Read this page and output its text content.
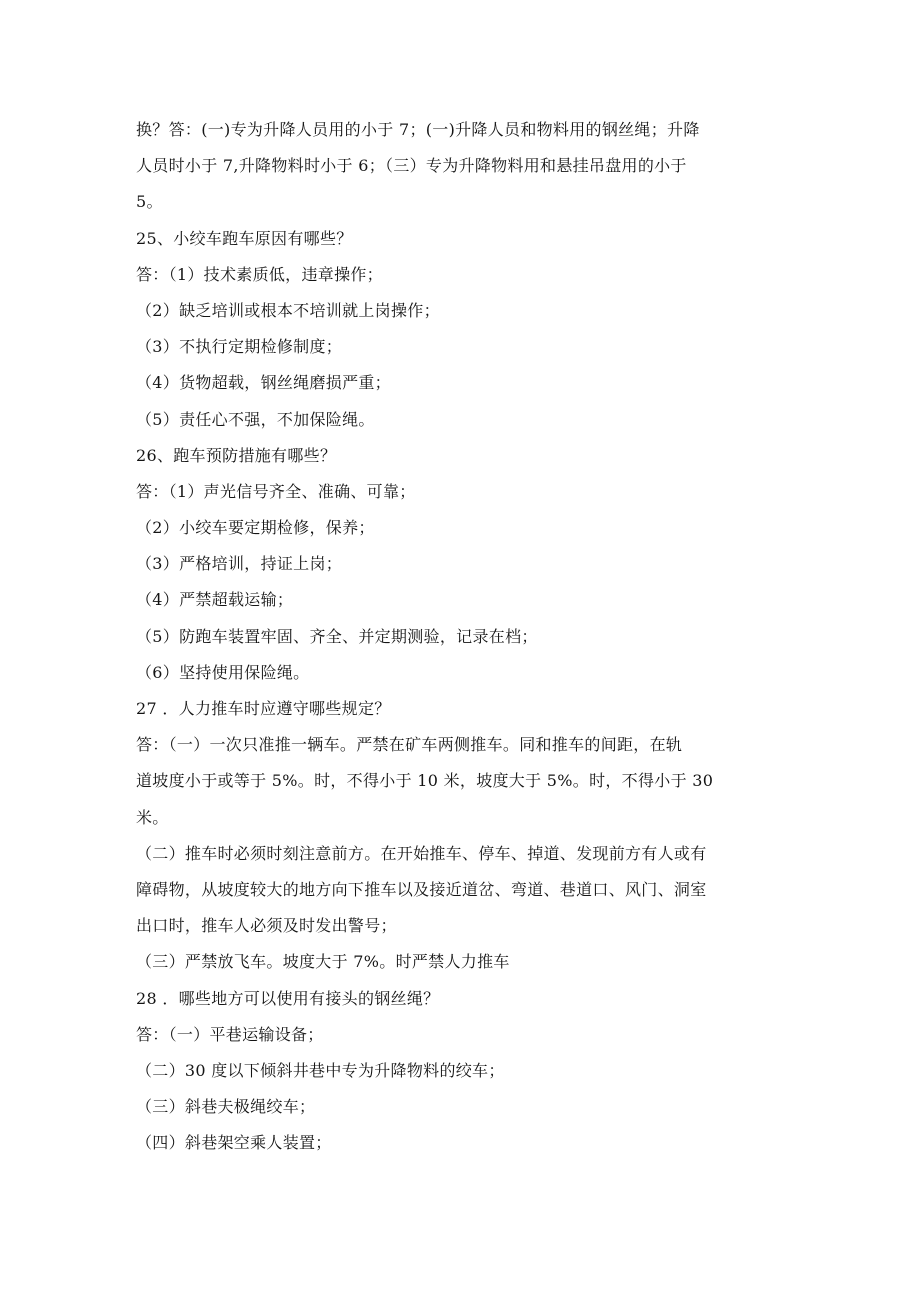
换？答：(一)专为升降人员用的小于 7；(一)升降人员和物料用的钢丝绳；升降
人员时小于 7,升降物料时小于 6；（三）专为升降物料用和悬挂吊盘用的小于
5。
25、小绞车跑车原因有哪些？
答：（1）技术素质低，违章操作；
（2）缺乏培训或根本不培训就上岗操作；
（3）不执行定期检修制度；
（4）货物超载，钢丝绳磨损严重；
（5）责任心不强，不加保险绳。
26、跑车预防措施有哪些？
答：（1）声光信号齐全、准确、可靠；
（2）小绞车要定期检修，保养；
（3）严格培训，持证上岗；
（4）严禁超载运输；
（5）防跑车装置牢固、齐全、并定期测验，记录在档；
（6）坚持使用保险绳。
27 ．人力推车时应遵守哪些规定？
答：（一）一次只准推一辆车。严禁在矿车两侧推车。同和推车的间距，在轨
道坡度小于或等于 5%。时，不得小于 10 米，坡度大于 5%。时，不得小于 30
米。
（二）推车时必须时刻注意前方。在开始推车、停车、掉道、发现前方有人或有
障碍物，从坡度较大的地方向下推车以及接近道岔、弯道、巷道口、风门、洞室
出口时，推车人必须及时发出警号；
（三）严禁放飞车。坡度大于 7%。时严禁人力推车
28 ．哪些地方可以使用有接头的钢丝绳？
答：（一）平巷运输设备；
（二）30 度以下倾斜井巷中专为升降物料的绞车；
（三）斜巷夫极绳绞车；
（四）斜巷架空乘人装置；
